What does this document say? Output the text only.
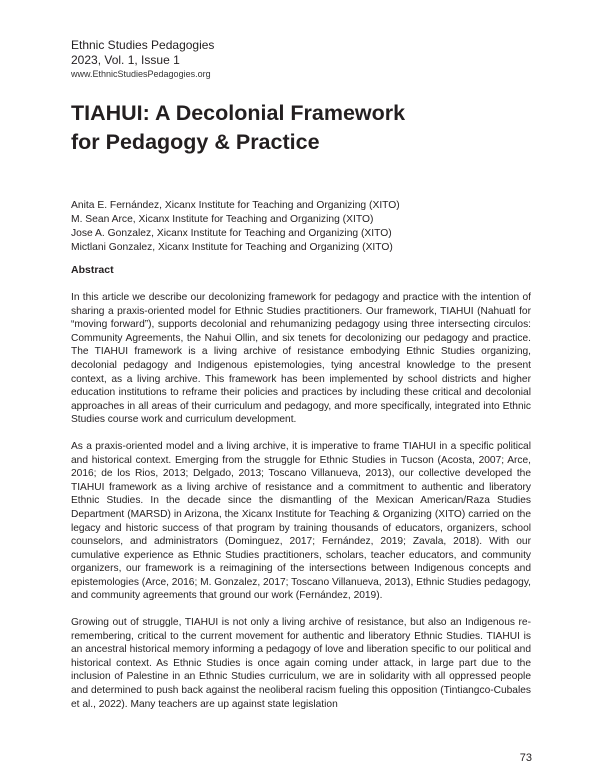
Ethnic Studies Pedagogies
2023, Vol. 1, Issue 1
www.EthnicStudiesPedagogies.org
TIAHUI: A Decolonial Framework for Pedagogy & Practice
Anita E. Fernández, Xicanx Institute for Teaching and Organizing (XITO)
M. Sean Arce, Xicanx Institute for Teaching and Organizing (XITO)
Jose A. Gonzalez, Xicanx Institute for Teaching and Organizing (XITO)
Mictlani Gonzalez, Xicanx Institute for Teaching and Organizing (XITO)
Abstract

In this article we describe our decolonizing framework for pedagogy and practice with the intention of sharing a praxis-oriented model for Ethnic Studies practitioners. Our framework, TIAHUI (Nahuatl for “moving forward”), supports decolonial and rehumanizing pedagogy using three intersecting circulos: Community Agreements, the Nahui Ollin, and six tenets for decolonizing our pedagogy and practice. The TIAHUI framework is a living archive of resistance embodying Ethnic Studies organizing, decolonial pedagogy and Indigenous epistemologies, tying ancestral knowledge to the present context, as a living archive. This framework has been implemented by school districts and higher education institutions to reframe their policies and practices by including these critical and decolonial approaches in all areas of their curriculum and pedagogy, and more specifically, integrated into Ethnic Studies course work and curriculum development.

As a praxis-oriented model and a living archive, it is imperative to frame TIAHUI in a specific political and historical context. Emerging from the struggle for Ethnic Studies in Tucson (Acosta, 2007; Arce, 2016; de los Rios, 2013; Delgado, 2013; Toscano Villanueva, 2013), our collective developed the TIAHUI framework as a living archive of resistance and a commitment to authentic and liberatory Ethnic Studies. In the decade since the dismantling of the Mexican American/Raza Studies Department (MARSD) in Arizona, the Xicanx Institute for Teaching & Organizing (XITO) carried on the legacy and historic success of that program by training thousands of educators, organizers, school counselors, and administrators (Dominguez, 2017; Fernández, 2019; Zavala, 2018). With our cumulative experience as Ethnic Studies practitioners, scholars, teacher educators, and community organizers, our framework is a reimagining of the intersections between Indigenous concepts and epistemologies (Arce, 2016; M. Gonzalez, 2017; Toscano Villanueva, 2013), Ethnic Studies pedagogy, and community agreements that ground our work (Fernández, 2019).

Growing out of struggle, TIAHUI is not only a living archive of resistance, but also an Indigenous re-remembering, critical to the current movement for authentic and liberatory Ethnic Studies. TIAHUI is an ancestral historical memory informing a pedagogy of love and liberation specific to our political and historical context. As Ethnic Studies is once again coming under attack, in large part due to the inclusion of Palestine in an Ethnic Studies curriculum, we are in solidarity with all oppressed people and determined to push back against the neoliberal racism fueling this opposition (Tintiangco-Cubales et al., 2022). Many teachers are up against state legislation

73
